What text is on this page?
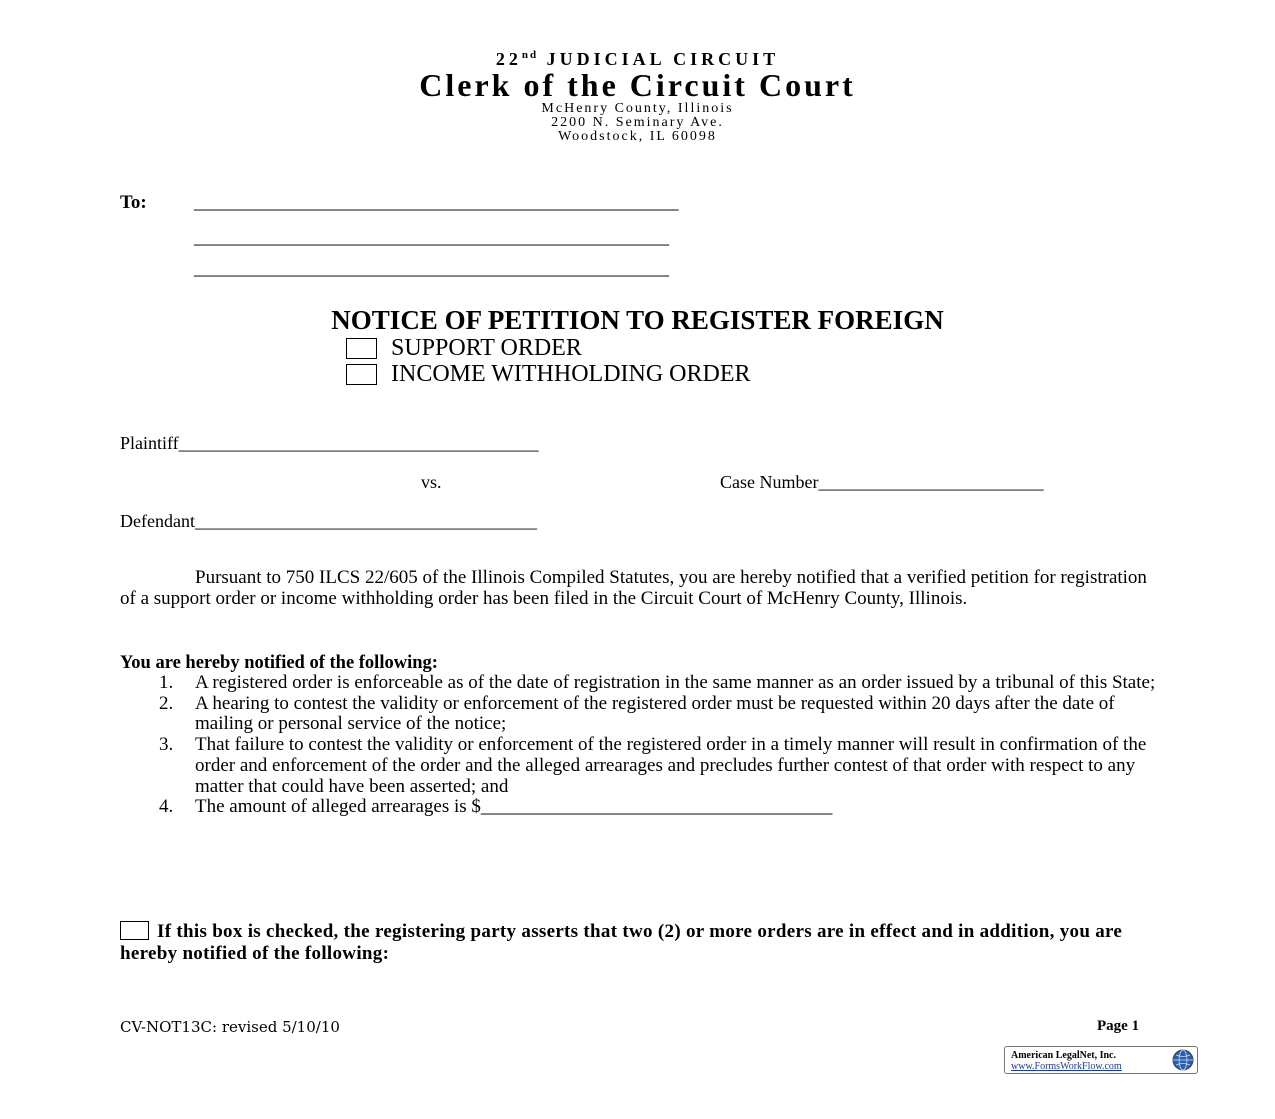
22nd JUDICIAL CIRCUIT
Clerk of the Circuit Court
McHenry County, Illinois
2200 N. Seminary Ave.
Woodstock, IL 60098
To: ___________________________________________________
__________________________________________________
__________________________________________________
NOTICE OF PETITION TO REGISTER FOREIGN
SUPPORT ORDER
INCOME WITHHOLDING ORDER
Plaintiff________________________________________
vs.	Case Number_________________________
Defendant______________________________________
Pursuant to 750 ILCS 22/605 of the Illinois Compiled Statutes, you are hereby notified that a verified petition for registration of a support order or income withholding order has been filed in the Circuit Court of McHenry County, Illinois.
You are hereby notified of the following:
1.	A registered order is enforceable as of the date of registration in the same manner as an order issued by a tribunal of this State;
2.	A hearing to contest the validity or enforcement of the registered order must be requested within 20 days after the date of mailing or personal service of the notice;
3.	That failure to contest the validity or enforcement of the registered order in a timely manner will result in confirmation of the order and enforcement of the order and the alleged arrearages and precludes further contest of that order with respect to any matter that could have been asserted; and
4.	The amount of alleged arrearages is $_____________________________________
If this box is checked, the registering party asserts that two (2) or more orders are in effect and in addition, you are hereby notified of the following:
CV-NOT13C: revised 5/10/10	Page 1

American LegalNet, Inc.

www.FormsWorkFlow.com
